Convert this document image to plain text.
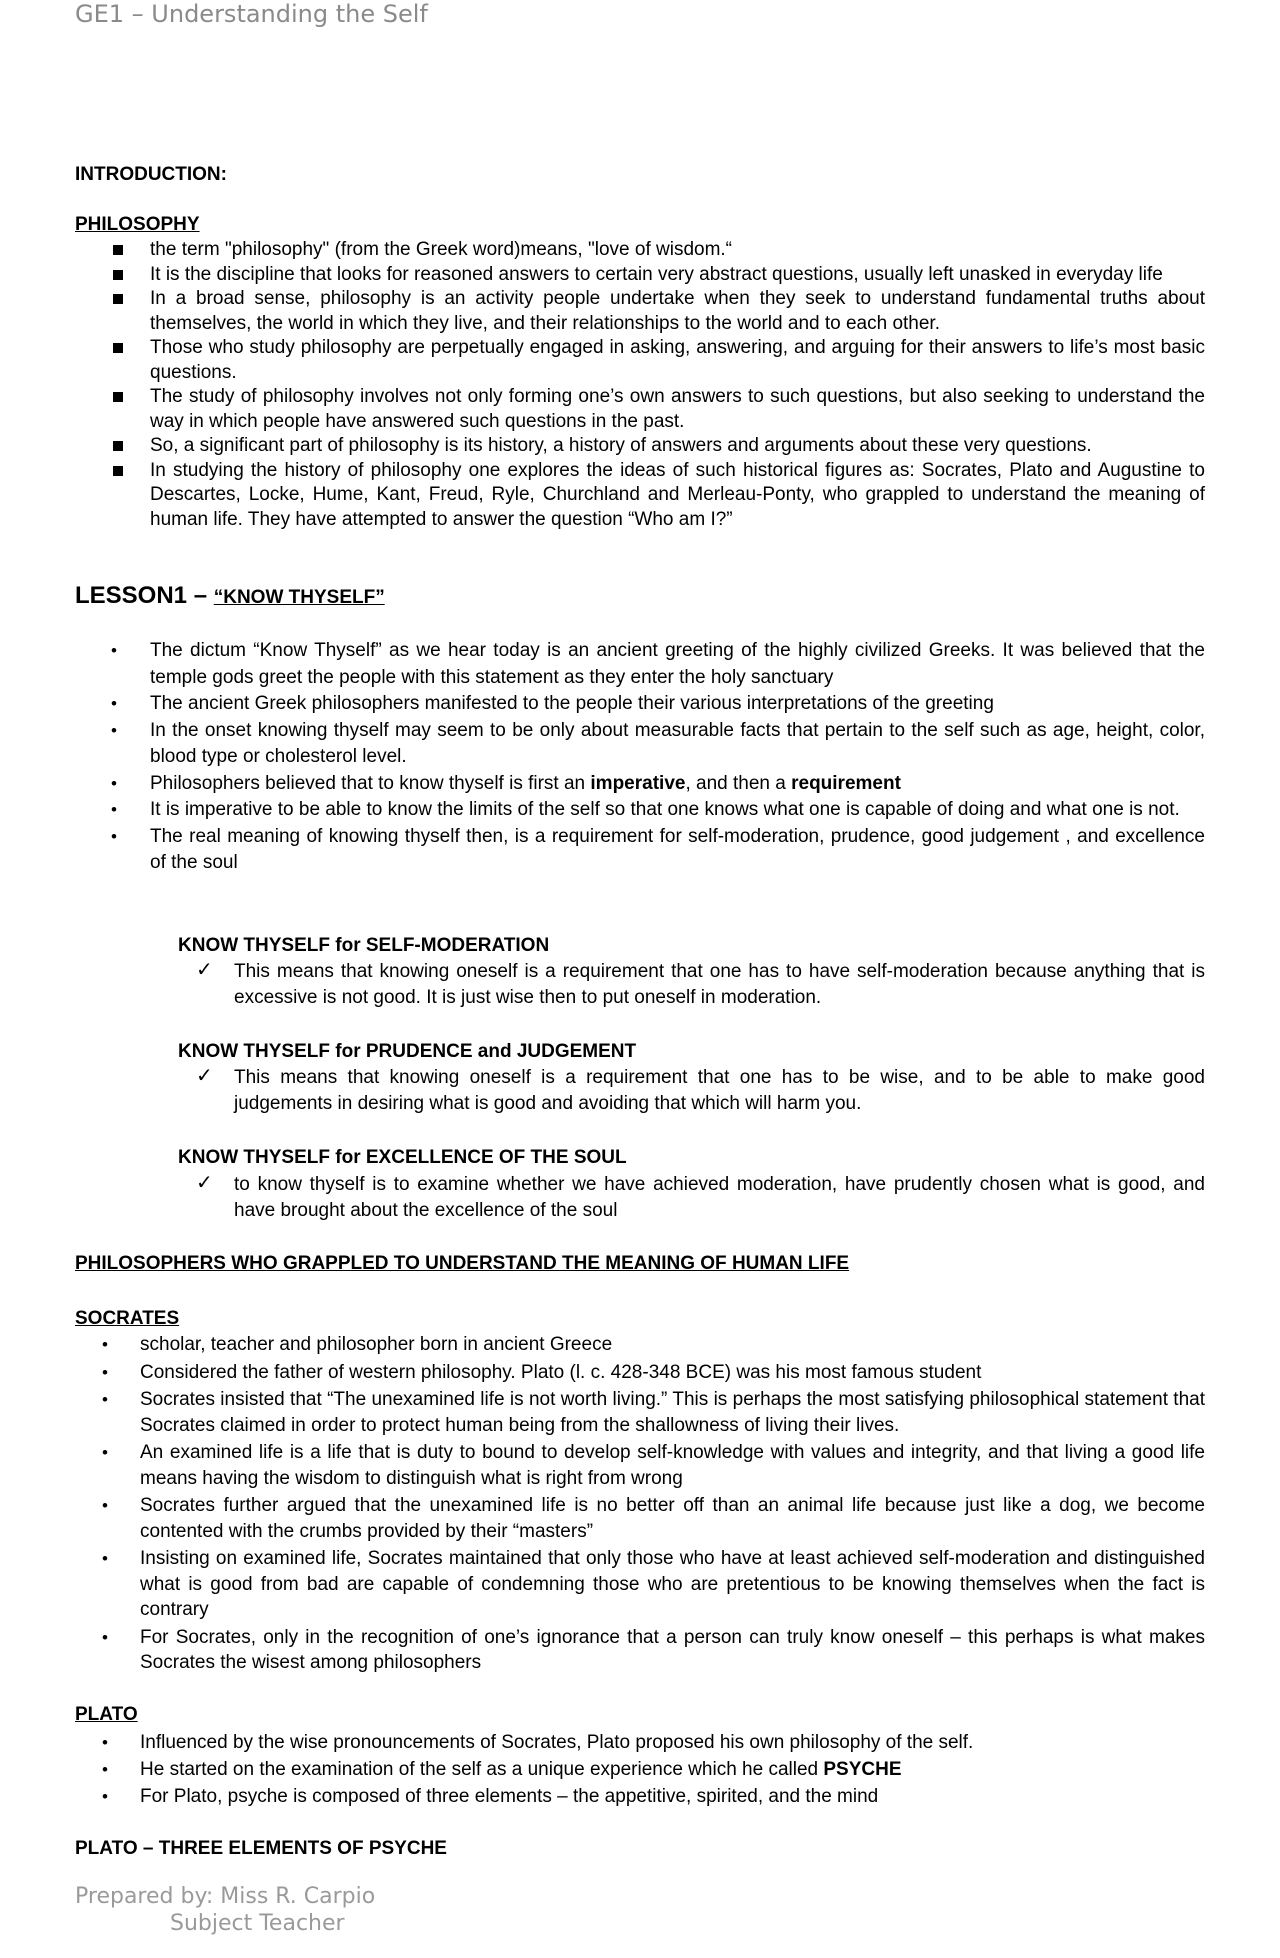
GE1 – Understanding the Self
INTRODUCTION:
PHILOSOPHY
the term "philosophy" (from the Greek word)means, "love of wisdom.“
It is the discipline that looks for reasoned answers to certain very abstract questions, usually left unasked in everyday life
In a broad sense, philosophy is an activity people undertake when they seek to understand fundamental truths about themselves, the world in which they live, and their relationships to the world and to each other.
Those who study philosophy are perpetually engaged in asking, answering, and arguing for their answers to life’s most basic questions.
The study of philosophy involves not only forming one’s own answers to such questions, but also seeking to understand the way in which people have answered such questions in the past.
So, a significant part of philosophy is its history, a history of answers and arguments about these very questions.
In studying the history of philosophy one explores the ideas of such historical figures as: Socrates, Plato and Augustine to Descartes, Locke, Hume, Kant, Freud, Ryle, Churchland and Merleau-Ponty, who grappled to understand the meaning of human life. They have attempted to answer the question “Who am I?”
LESSON1 – “KNOW THYSELF”
• The dictum “Know Thyself” as we hear today is an ancient greeting of the highly civilized Greeks. It was believed that the temple gods greet the people with this statement as they enter the holy sanctuary
• The ancient Greek philosophers manifested to the people their various interpretations of the greeting
• In the onset knowing thyself may seem to be only about measurable facts that pertain to the self such as age, height, color, blood type or cholesterol level.
• Philosophers believed that to know thyself is first an imperative, and then a requirement
• It is imperative to be able to know the limits of the self so that one knows what one is capable of doing and what one is not.
• The real meaning of knowing thyself then, is a requirement for self-moderation, prudence, good judgement , and excellence of the soul
KNOW THYSELF for SELF-MODERATION
✓ This means that knowing oneself is a requirement that one has to have self-moderation because anything that is excessive is not good. It is just wise then to put oneself in moderation.
KNOW THYSELF for PRUDENCE and JUDGEMENT
✓ This means that knowing oneself is a requirement that one has to be wise, and to be able to make good judgements in desiring what is good and avoiding that which will harm you.
KNOW THYSELF for EXCELLENCE OF THE SOUL
✓ to know thyself is to examine whether we have achieved moderation, have prudently chosen what is good, and have brought about the excellence of the soul
PHILOSOPHERS WHO GRAPPLED TO UNDERSTAND THE MEANING OF HUMAN LIFE
SOCRATES
• scholar, teacher and philosopher born in ancient Greece
• Considered the father of western philosophy. Plato (l. c. 428-348 BCE) was his most famous student
• Socrates insisted that “The unexamined life is not worth living.” This is perhaps the most satisfying philosophical statement that Socrates claimed in order to protect human being from the shallowness of living their lives.
• An examined life is a life that is duty to bound to develop self-knowledge with values and integrity, and that living a good life means having the wisdom to distinguish what is right from wrong
• Socrates further argued that the unexamined life is no better off than an animal life because just like a dog, we become contented with the crumbs provided by their “masters”
• Insisting on examined life, Socrates maintained that only those who have at least achieved self-moderation and distinguished what is good from bad are capable of condemning those who are pretentious to be knowing themselves when the fact is contrary
• For Socrates, only in the recognition of one’s ignorance that a person can truly know oneself – this perhaps is what makes Socrates the wisest among philosophers
PLATO
• Influenced by the wise pronouncements of Socrates, Plato proposed his own philosophy of the self.
• He started on the examination of the self as a unique experience which he called PSYCHE
• For Plato, psyche is composed of three elements – the appetitive, spirited, and the mind
PLATO – THREE ELEMENTS OF PSYCHE
Prepared by: Miss R. Carpio
Subject Teacher
